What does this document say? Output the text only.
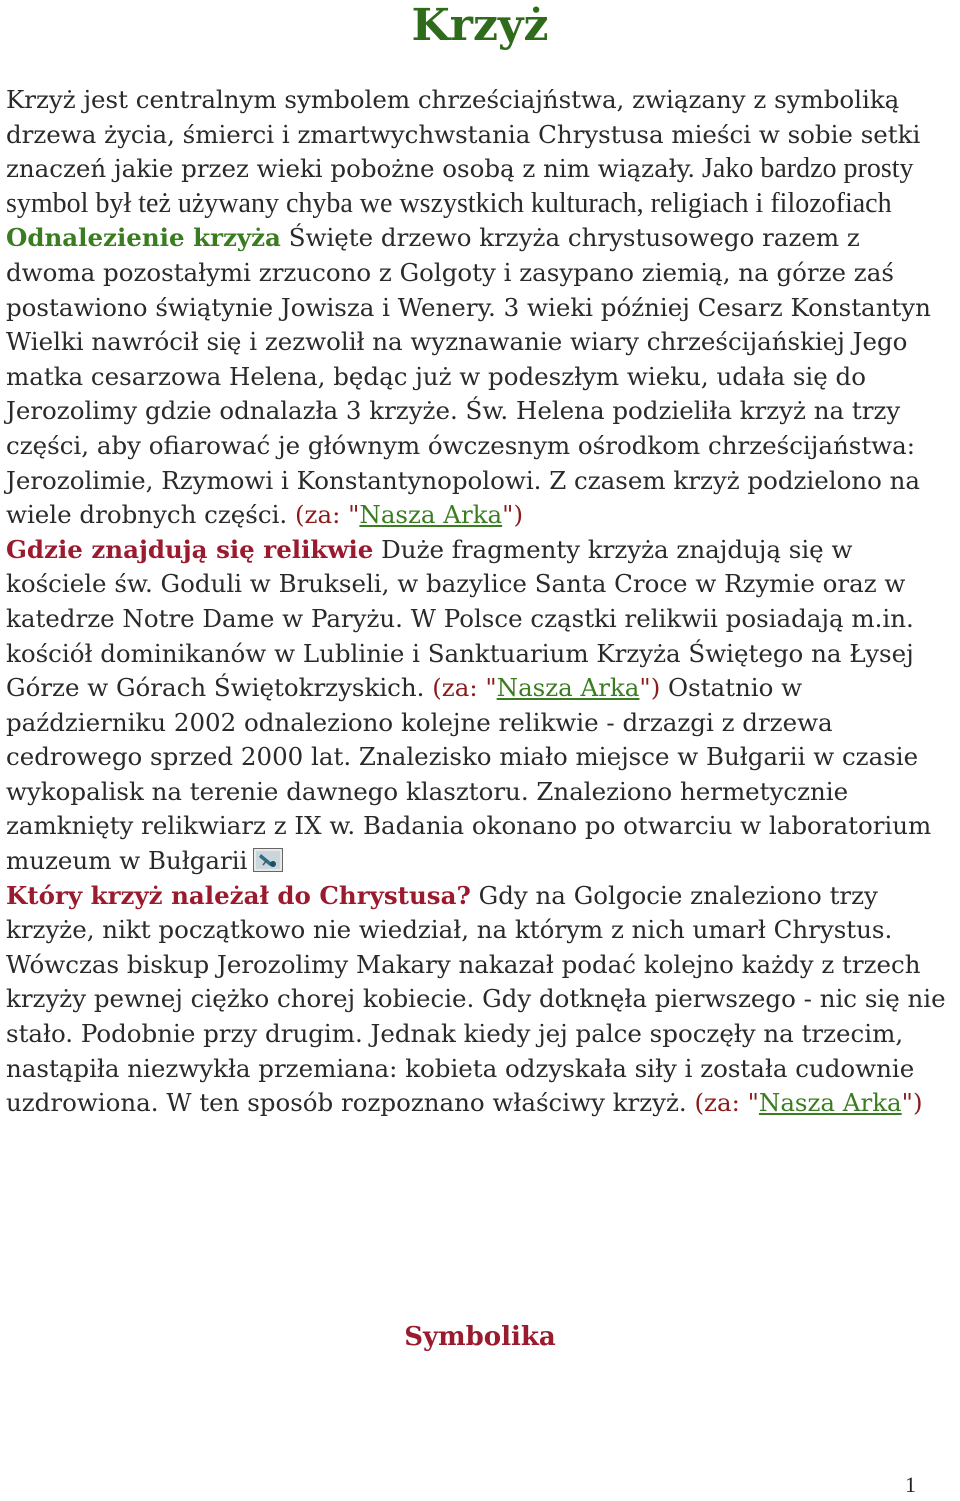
Krzyż
Krzyż jest centralnym symbolem chrześciajństwa, związany z symboliką drzewa życia, śmierci i zmartwychwstania Chrystusa mieści w sobie setki znaczeń jakie przez wieki pobożne osobą z nim wiązały. Jako bardzo prosty symbol był też używany chyba we wszystkich kulturach, religiach i filozofiach
Odnalezienie krzyża Święte drzewo krzyża chrystusowego razem z dwoma pozostałymi zrzucono z Golgoty i zasypano ziemią, na górze zaś postawiono świątynie Jowisza i Wenery. 3 wieki później Cesarz Konstantyn Wielki nawrócił się i zezwolił na wyznawanie wiary chrześcijańskiej Jego matka cesarzowa Helena, będąc już w podeszłym wieku, udała się do Jerozolimy gdzie odnalazła 3 krzyże. Św. Helena podzieliła krzyż na trzy części, aby ofiarować je głównym ówczesnym ośrodkom chrześcijaństwa: Jerozolimie, Rzymowi i Konstantynopolowi. Z czasem krzyż podzielono na wiele drobnych części. (za: "Nasza Arka")
Gdzie znajdują się relikwie Duże fragmenty krzyża znajdują się w kościele św. Goduli w Brukseli, w bazylice Santa Croce w Rzymie oraz w katedrze Notre Dame w Paryżu. W Polsce cząstki relikwii posiadają m.in. kościół dominikanów w Lublinie i Sanktuarium Krzyża Świętego na Łysej Górze w Górach Świętokrzyskich. (za: "Nasza Arka") Ostatnio w październiku 2002 odnaleziono kolejne relikwie - drzazgi z drzewa cedrowego sprzed 2000 lat. Znalezisko miało miejsce w Bułgarii w czasie wykopalisk na terenie dawnego klasztoru. Znaleziono hermetycznie zamknięty relikwiarz z IX w. Badania okonano po otwarciu w laboratorium muzeum w Bułgarii
Który krzyż należał do Chrystusa? Gdy na Golgocie znaleziono trzy krzyże, nikt początkowo nie wiedział, na którym z nich umarł Chrystus. Wówczas biskup Jerozolimy Makary nakazał podać kolejno każdy z trzech krzyży pewnej ciężko chorej kobiecie. Gdy dotknęła pierwszego - nic się nie stało. Podobnie przy drugim. Jednak kiedy jej palce spoczęły na trzecim, nastąpiła niezwykła przemiana: kobieta odzyskała siły i została cudownie uzdrowiona. W ten sposób rozpoznano właściwy krzyż. (za: "Nasza Arka")
Symbolika
1
